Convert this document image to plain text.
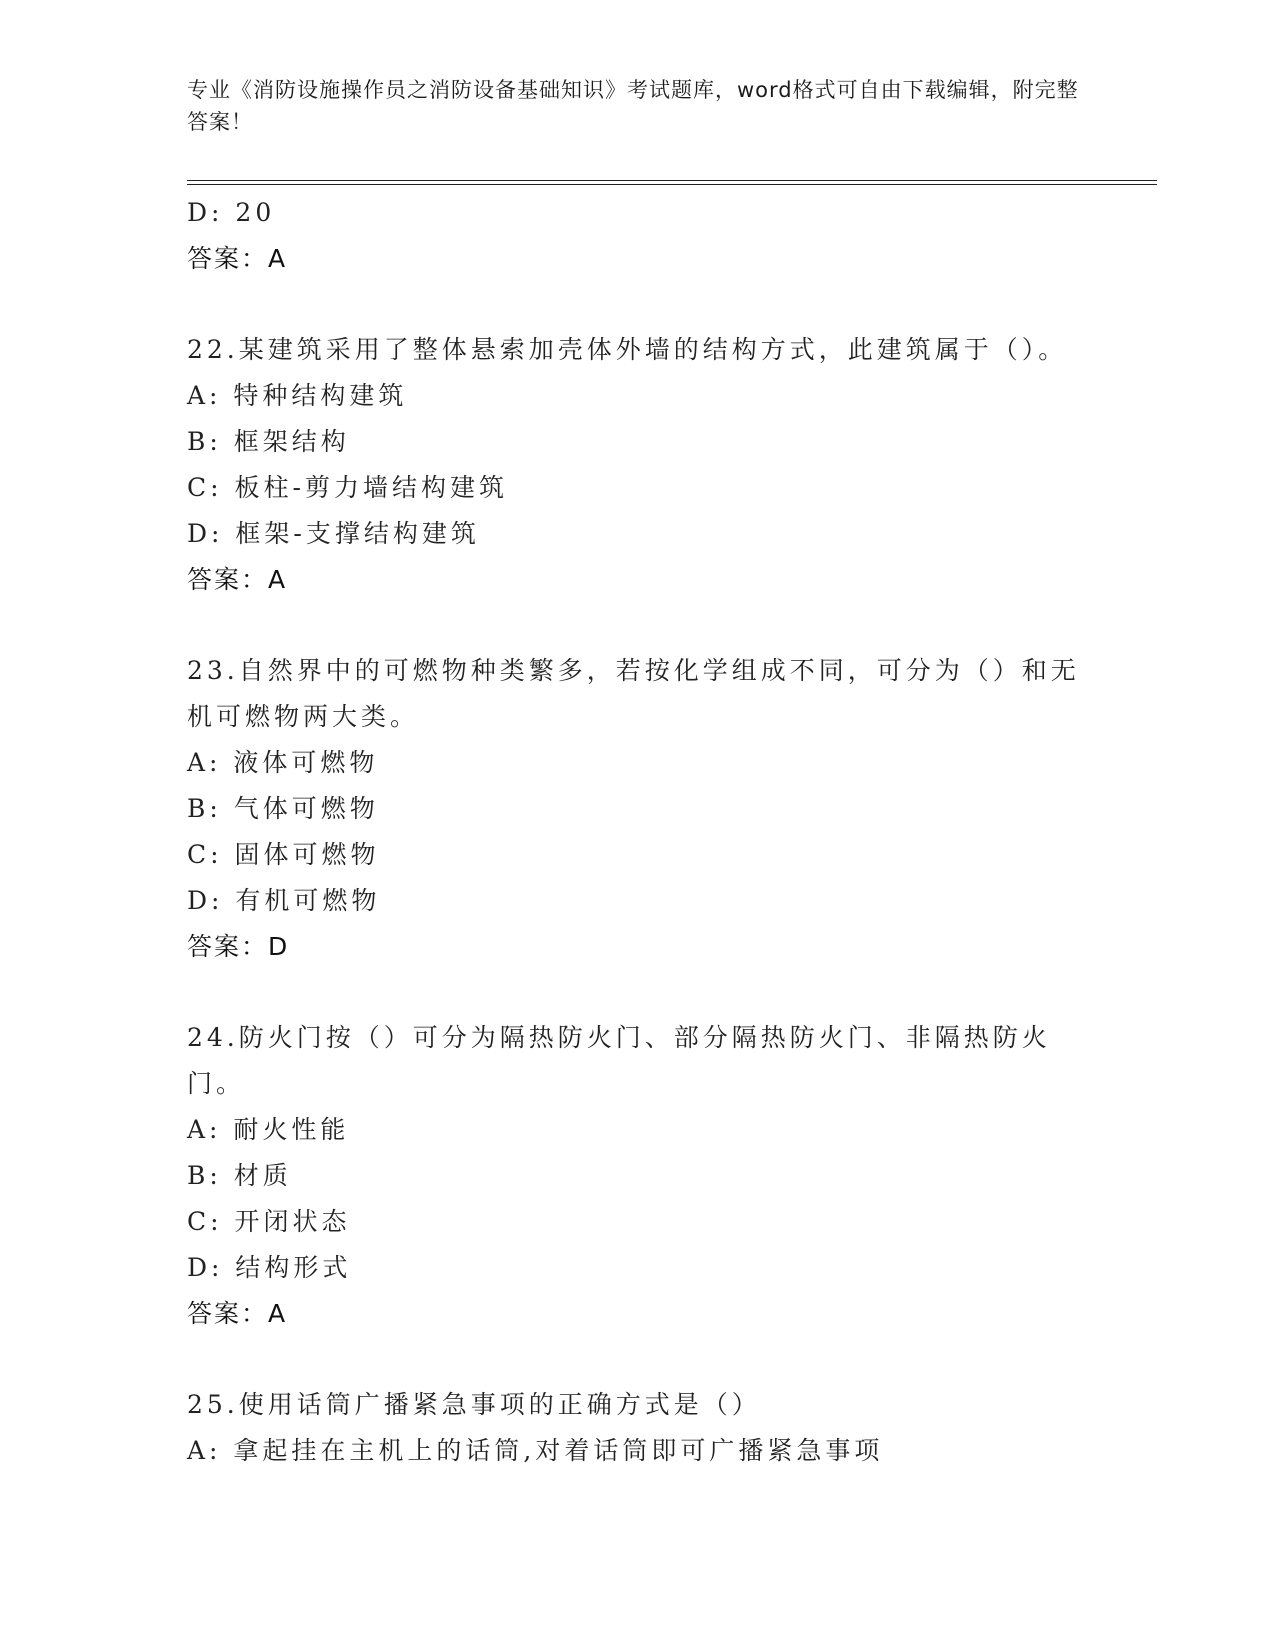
专业《消防设施操作员之消防设备基础知识》考试题库，word格式可自由下载编辑，附完整答案！
D: 20
答案：A
22.某建筑采用了整体悬索加壳体外墙的结构方式，此建筑属于（）。
A: 特种结构建筑
B: 框架结构
C: 板柱-剪力墙结构建筑
D: 框架-支撑结构建筑
答案：A
23.自然界中的可燃物种类繁多，若按化学组成不同，可分为（）和无机可燃物两大类。
A: 液体可燃物
B: 气体可燃物
C: 固体可燃物
D: 有机可燃物
答案：D
24.防火门按（）可分为隔热防火门、部分隔热防火门、非隔热防火门。
A: 耐火性能
B: 材质
C: 开闭状态
D: 结构形式
答案：A
25.使用话筒广播紧急事项的正确方式是（）
A: 拿起挂在主机上的话筒,对着话筒即可广播紧急事项
